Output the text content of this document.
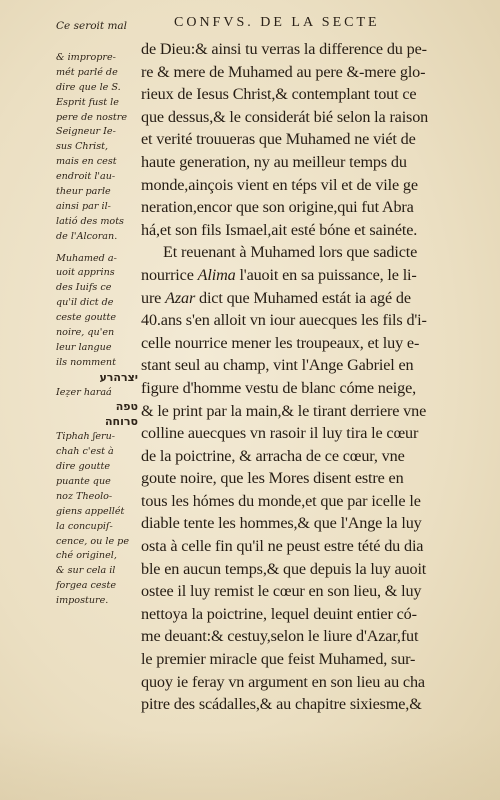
Ce seroit mal	CONFVS. DE LA SECTE
& impropre-
mét parlé de
dire que le S.
Esprit fust le
pere de nostre
Seigneur Ie-
sus Christ,
mais en cest
endroit l'au-
theur parle
ainsi par il-
latió des mots
de l'Alcoran.
Muhamed a-
uoit apprins
des Iuifs ce
qu'il dict de
ceste goutte
noire, qu'en
leur langue
ils nomment
יצרהרע
Ieẓer haraá
טפה
סרוחה
Tiphah ʃeru-
chah c'est à
dire goutte
puante que
noz Theolo-
giens appellét
la concupiſ-
cence, ou le pe
ché originel,
& sur cela il
forgea ceste
imposture.
de Dieu:& ainsi tu verras la difference du pe-
re & mere de Muhamed au pere &-mere glo-
rieux de Iesus Christ,& contemplant tout ce
que dessus,& le considerát bié selon la raison
et verité trouueras que Muhamed ne viét de
haute generation, ny au meilleur temps du
monde,ainçois vient en téps vil et de vile ge
neration,encor que son origine,qui fut Abra
há,et son fils Ismael,ait esté bóne et sainéte.
Et reuenant à Muhamed lors que sadicte
nourrice Alima l'auoit en sa puissance, le li-
ure Azar dict que Muhamed estát ia agé de
40.ans s'en alloit vn iour auecques les fils d'i-
celle nourrice mener les troupeaux, et luy e-
stant seul au champ, vint l'Ange Gabriel en
figure d'homme vestu de blanc cóme neige,
& le print par la main,& le tirant derriere vne
colline auecques vn rasoir il luy tira le cœur
de la poictrine, & arracha de ce cœur, vne
goute noire, que les Mores disent estre en
tous les hómes du monde,et que par icelle le
diable tente les hommes,& que l'Ange la luy
osta à celle fin qu'il ne peust estre tété du dia
ble en aucun temps,& que depuis la luy auoit
ostee il luy remist le cœur en son lieu, & luy
nettoya la poictrine, lequel deuint entier có-
me deuant:& cestuy,selon le liure d'Azar,fut
le premier miracle que feist Muhamed, sur-
quoy ie feray vn argument en son lieu au cha
pitre des scádalles,& au chapitre sixiesme,&
